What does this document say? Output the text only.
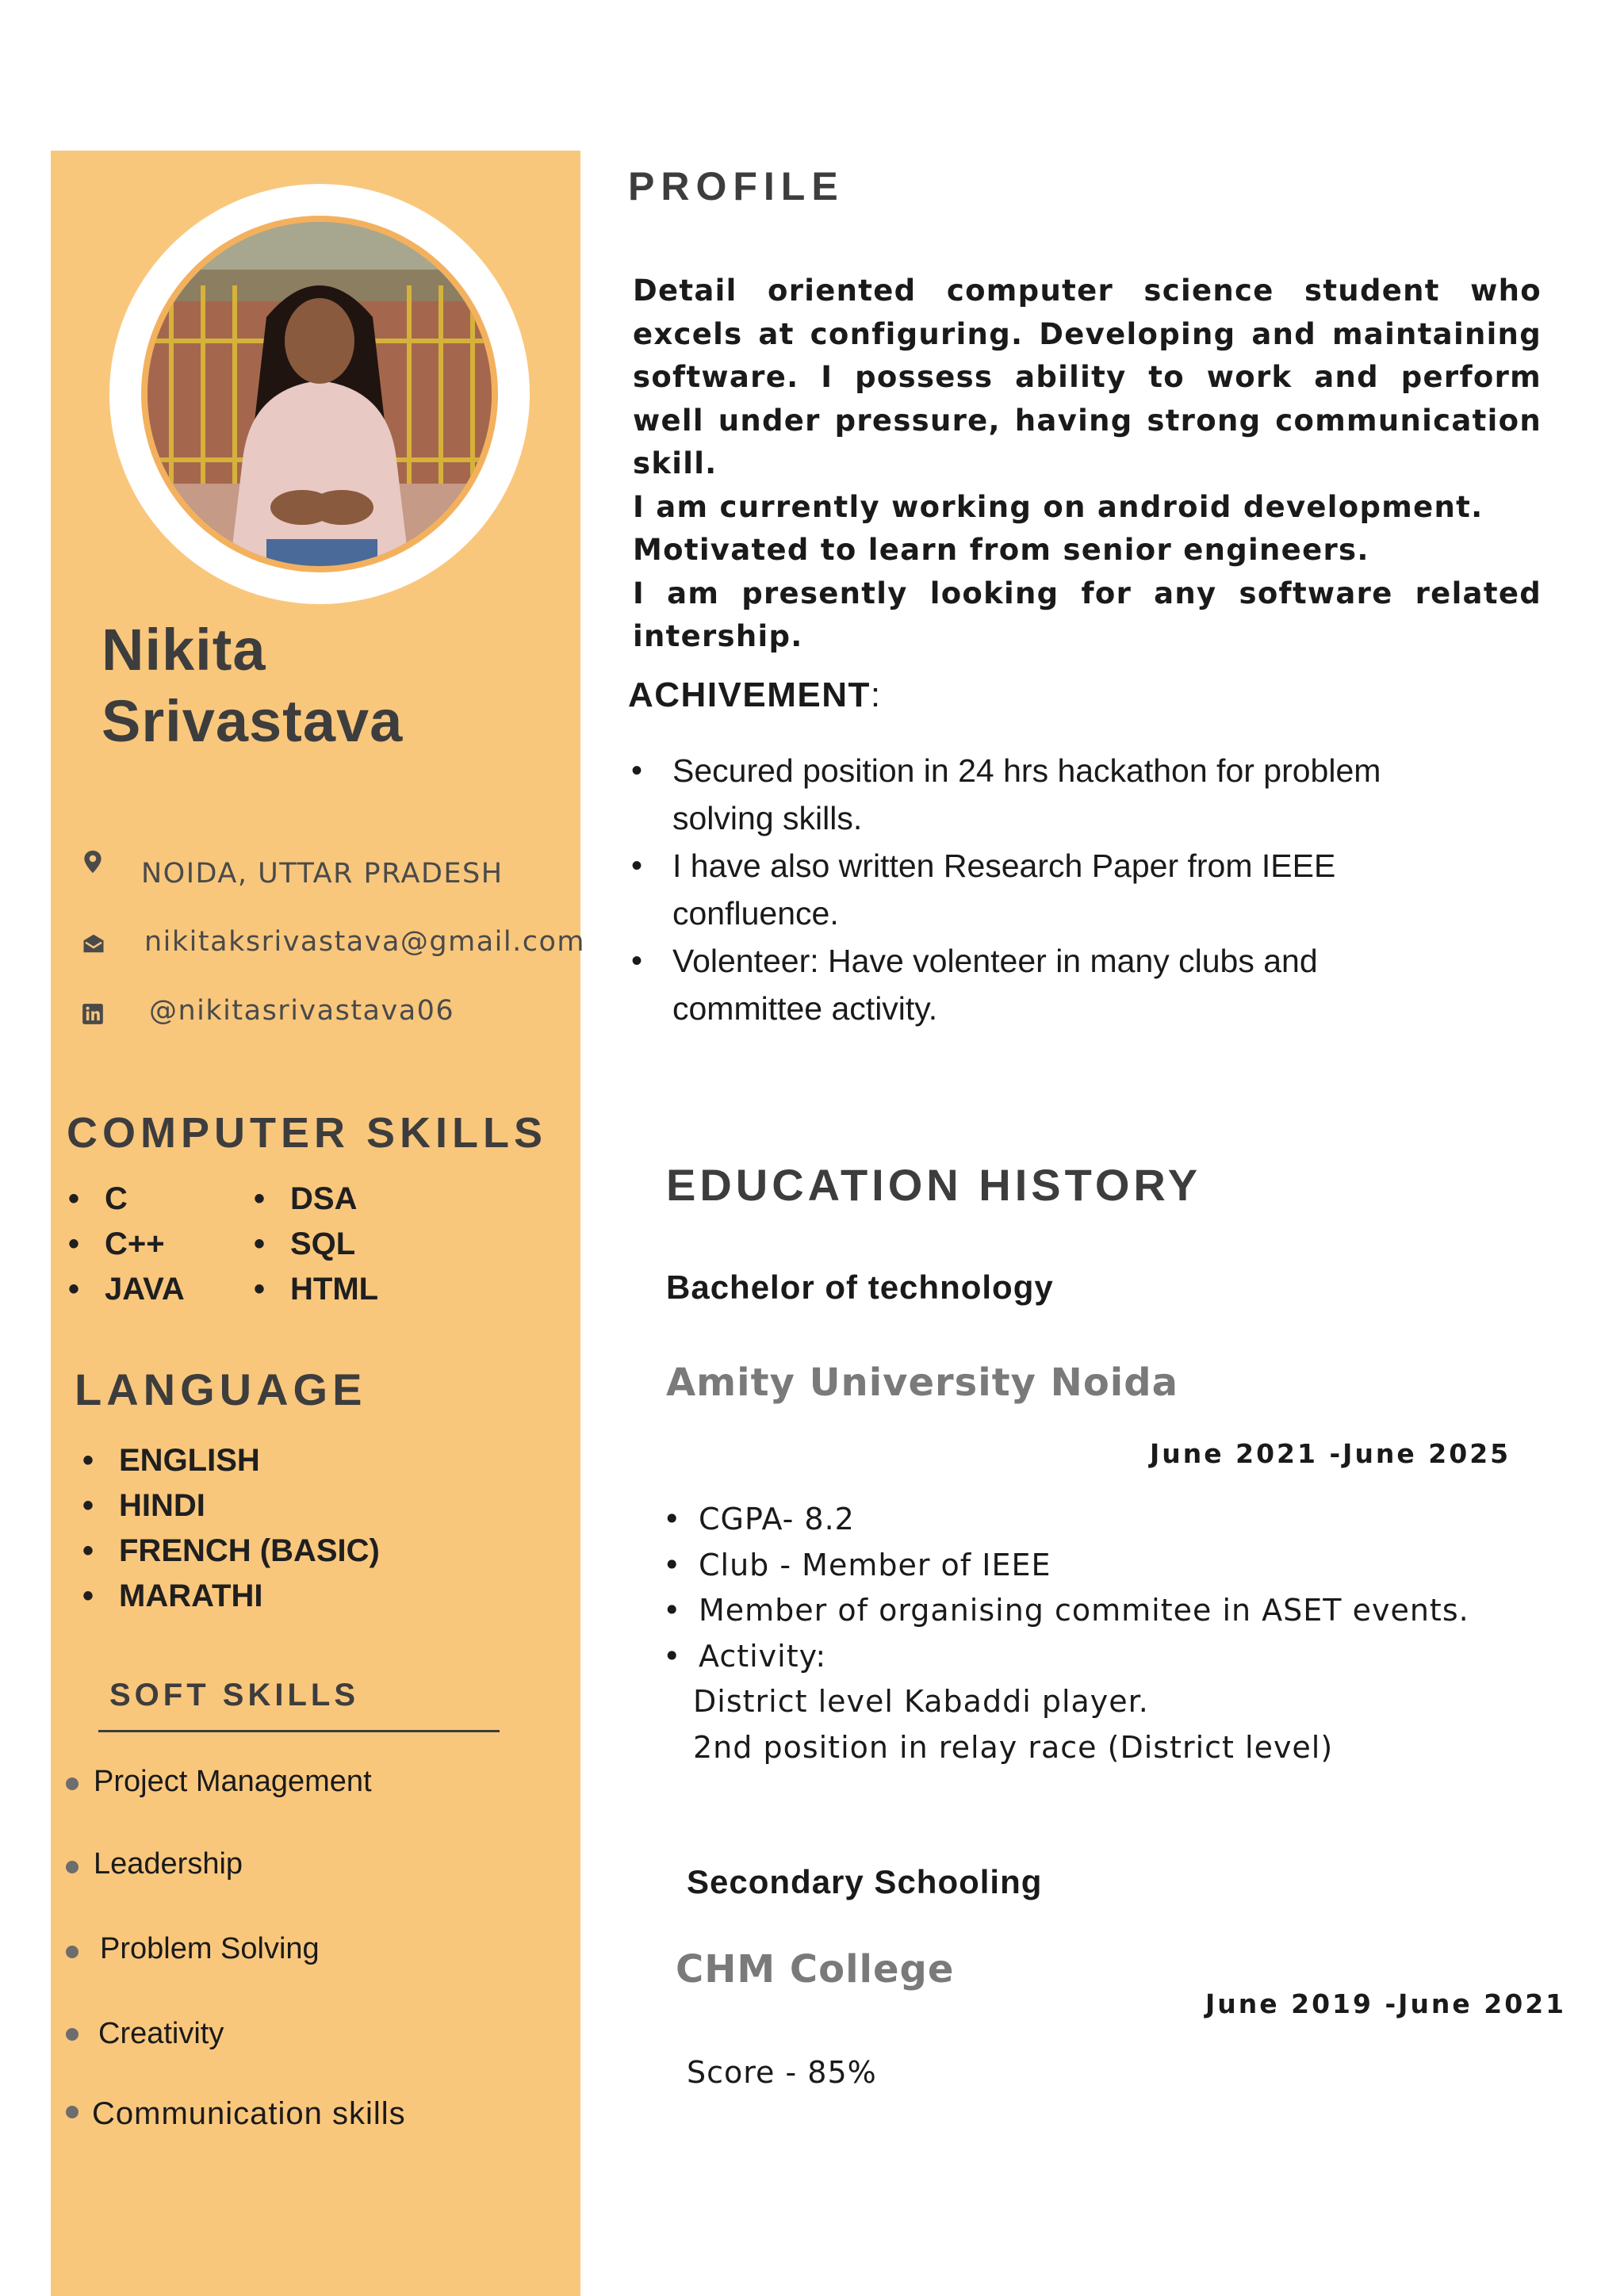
Nikita
Srivastava
NOIDA, UTTAR PRADESH
nikitaksrivastava@gmail.com
@nikitasrivastava06
COMPUTER SKILLS
• C
• C++
• JAVA
• DSA
• SQL
• HTML
LANGUAGE
• ENGLISH
• HINDI
• FRENCH (BASIC)
• MARATHI
SOFT SKILLS
Project Management
Leadership
Problem Solving
Creativity
Communication skills
PROFILE

Detail oriented computer science student who excels at configuring. Developing and maintaining software. I possess ability to work and perform well under pressure, having strong communication skill.

I am currently working on android development.

Motivated to learn from senior engineers.

I am presently looking for any software related intership.

ACHIVEMENT:
• Secured position in 24 hrs hackathon for problem solving skills.
• I have also written Research Paper from IEEE confluence.
• Volenteer: Have volenteer in many clubs and committee activity.
EDUCATION HISTORY
Bachelor of technology
Amity University Noida
June 2021 -June 2025
• CGPA- 8.2
• Club - Member of IEEE
• Member of organising commitee in ASET events.
• Activity:
District level Kabaddi player.
2nd position in relay race (District level)
Secondary Schooling
CHM College
June 2019 -June 2021
Score - 85%
